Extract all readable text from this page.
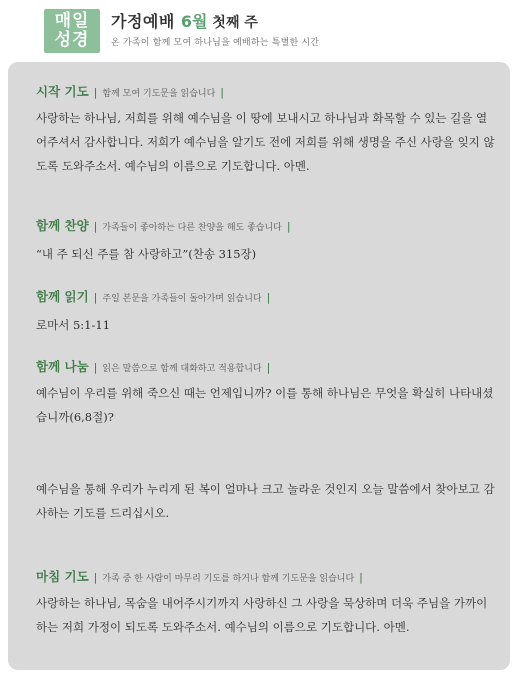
매일
성경
가정예배 6월 첫째 주
온 가족이 함께 모여 하나님을 예배하는 특별한 시간
시작 기도 | 함께 모여 기도문을 읽습니다 |
사랑하는 하나님, 저희를 위해 예수님을 이 땅에 보내시고 하나님과 화목할 수 있는 길을 열어주셔서 감사합니다. 저희가 예수님을 알기도 전에 저희를 위해 생명을 주신 사랑을 잊지 않도록 도와주소서. 예수님의 이름으로 기도합니다. 아멘.
함께 찬양 | 가족들이 좋아하는 다른 찬양을 해도 좋습니다 |
“내 주 되신 주를 참 사랑하고”(찬송 315장)
함께 읽기 | 주일 본문을 가족들이 돌아가며 읽습니다 |
로마서 5:1-11
함께 나눔 | 읽은 말씀으로 함께 대화하고 적용합니다 |
예수님이 우리를 위해 죽으신 때는 언제입니까? 이를 통해 하나님은 무엇을 확실히 나타내셨습니까(6,8절)?
예수님을 통해 우리가 누리게 된 복이 얼마나 크고 놀라운 것인지 오늘 말씀에서 찾아보고 감사하는 기도를 드리십시오.
마침 기도 | 가족 중 한 사람이 마무리 기도를 하거나 함께 기도문을 읽습니다 |
사랑하는 하나님, 목숨을 내어주시기까지 사랑하신 그 사랑을 묵상하며 더욱 주님을 가까이하는 저희 가정이 되도록 도와주소서. 예수님의 이름으로 기도합니다. 아멘.
